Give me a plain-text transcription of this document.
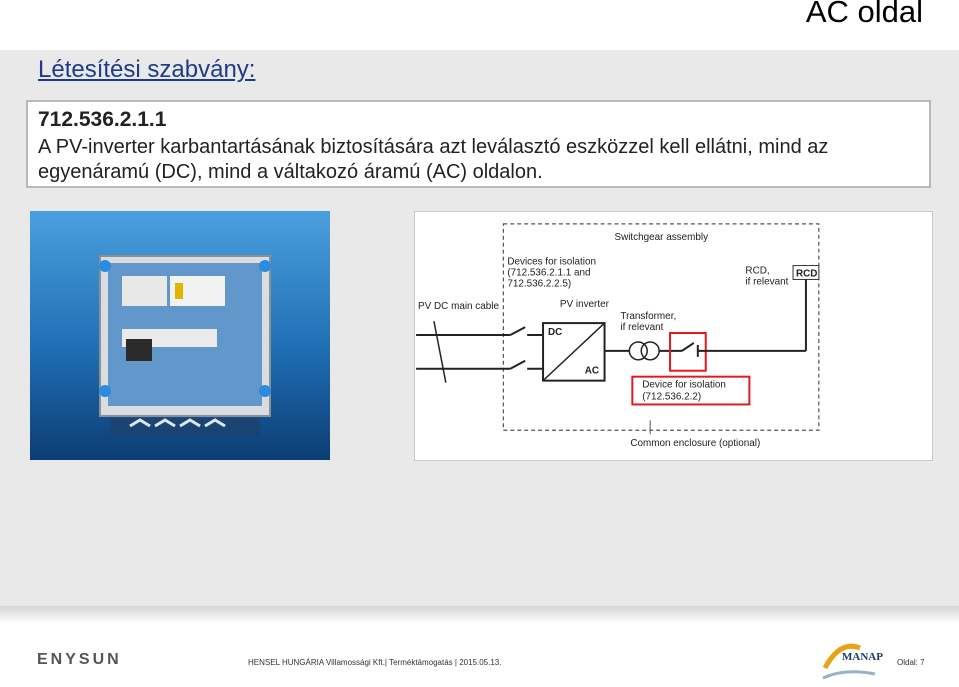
AC oldal
Létesítési szabvány:
712.536.2.1.1
A PV-inverter karbantartásának biztosítására azt leválasztó eszközzel kell ellátni, mind az egyenáramú (DC), mind a váltakozó áramú (AC) oldalon.
Switchgear assembly
Devices for isolation
(712.536.2.1.1 and
712.536.2.2.5)
RCD,
if relevant
RCD
PV DC main cable	PV inverter
DC
AC
Transformer,
if relevant
Device for isolation
(712.536.2.2)
Common enclosure (optional)
ENYSUN	HENSEL HUNGÁRIA Villamossági Kft.| Terméktámogatás | 2015.05.13.	MANAP Oldal: 7
